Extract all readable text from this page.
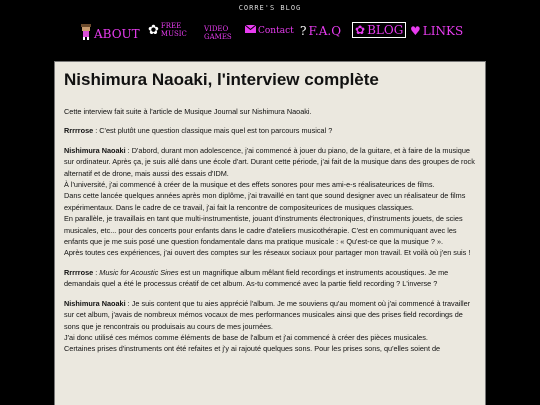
CORRE'S BLOG
ABOUT ✿ FREE
MUSIC
VIDEO
GAMES
Contact ? F.A.Q ✿ BLOG ♥ LINKS
Nishimura Naoaki, l'interview complète

Cette interview fait suite à l'article de Musique Journal sur Nishimura Naoaki.

Rrrrrose : C'est plutôt une question classique mais quel est ton parcours musical ?

Nishimura Naoaki : D'abord, durant mon adolescence, j'ai commencé à jouer du piano, de la guitare, et à faire de la musique sur ordinateur. Après ça, je suis allé dans une école d'art. Durant cette période, j'ai fait de la musique dans des groupes de rock alternatif et de drone, mais aussi des essais d'IDM.
À l'université, j'ai commencé à créer de la musique et des effets sonores pour mes ami-e-s réalisateurices de films.
Dans cette lancée quelques années après mon diplôme, j'ai travaillé en tant que sound designer avec un réalisateur de films expérimentaux. Dans le cadre de ce travail, j'ai fait la rencontre de compositeurices de musiques classiques.
En parallèle, je travaillais en tant que multi-instrumentiste, jouant d'instruments électroniques, d'instruments jouets, de scies musicales, etc... pour des concerts pour enfants dans le cadre d'ateliers musicothérapie. C'est en communiquant avec les enfants que je me suis posé une question fondamentale dans ma pratique musicale : « Qu'est-ce que la musique ? ».
Après toutes ces expériences, j'ai ouvert des comptes sur les réseaux sociaux pour partager mon travail. Et voilà où j'en suis !

Rrrrrose : Music for Acoustic Sines est un magnifique album mêlant field recordings et instruments acoustiques. Je me demandais quel a été le processus créatif de cet album. As-tu commencé avec la partie field recording ? L'inverse ?

Nishimura Naoaki : Je suis content que tu aies apprécié l'album. Je me souviens qu'au moment où j'ai commencé à travailler sur cet album, j'avais de nombreux mémos vocaux de mes performances musicales ainsi que des prises field recordings de sons que je rencontrais ou produisais au cours de mes journées.
J'ai donc utilisé ces mémos comme éléments de base de l'album et j'ai commencé à créer des pièces musicales.
Certaines prises d'instruments ont été refaites et j'y ai rajouté quelques sons. Pour les prises sons, qu'elles soient de
